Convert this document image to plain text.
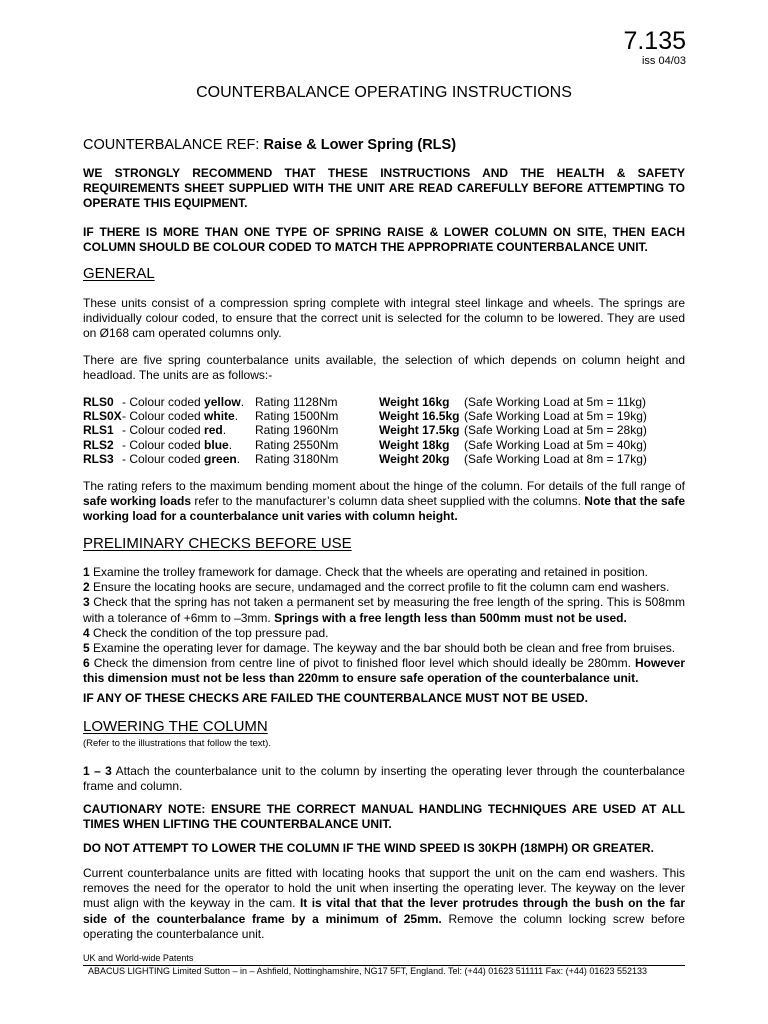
7.135
iss 04/03
COUNTERBALANCE OPERATING INSTRUCTIONS
COUNTERBALANCE REF: Raise & Lower Spring (RLS)
WE STRONGLY RECOMMEND THAT THESE INSTRUCTIONS AND THE HEALTH & SAFETY REQUIREMENTS SHEET SUPPLIED WITH THE UNIT ARE READ CAREFULLY BEFORE ATTEMPTING TO OPERATE THIS EQUIPMENT.
IF THERE IS MORE THAN ONE TYPE OF SPRING RAISE & LOWER COLUMN ON SITE, THEN EACH COLUMN SHOULD BE COLOUR CODED TO MATCH THE APPROPRIATE COUNTERBALANCE UNIT.
GENERAL
These units consist of a compression spring complete with integral steel linkage and wheels. The springs are individually colour coded, to ensure that the correct unit is selected for the column to be lowered. They are used on Ø168 cam operated columns only.
There are five spring counterbalance units available, the selection of which depends on column height and headload. The units are as follows:-
RLS0	- Colour coded yellow.	Rating 1128Nm	Weight 16kg	(Safe Working Load at 5m = 11kg)
RLS0X	- Colour coded white.	Rating 1500Nm	Weight 16.5kg	(Safe Working Load at 5m = 19kg)
RLS1	- Colour coded red.	Rating 1960Nm	Weight 17.5kg	(Safe Working Load at 5m = 28kg)
RLS2	- Colour coded blue.	Rating 2550Nm	Weight 18kg	(Safe Working Load at 5m = 40kg)
RLS3	- Colour coded green.	Rating 3180Nm	Weight 20kg	(Safe Working Load at 8m = 17kg)
The rating refers to the maximum bending moment about the hinge of the column. For details of the full range of safe working loads refer to the manufacturer’s column data sheet supplied with the columns. Note that the safe working load for a counterbalance unit varies with column height.
PRELIMINARY CHECKS BEFORE USE
1 Examine the trolley framework for damage. Check that the wheels are operating and retained in position.
2 Ensure the locating hooks are secure, undamaged and the correct profile to fit the column cam end washers.
3 Check that the spring has not taken a permanent set by measuring the free length of the spring. This is 508mm with a tolerance of +6mm to –3mm. Springs with a free length less than 500mm must not be used.
4 Check the condition of the top pressure pad.
5 Examine the operating lever for damage. The keyway and the bar should both be clean and free from bruises.
6 Check the dimension from centre line of pivot to finished floor level which should ideally be 280mm. However this dimension must not be less than 220mm to ensure safe operation of the counterbalance unit.
IF ANY OF THESE CHECKS ARE FAILED THE COUNTERBALANCE MUST NOT BE USED.
LOWERING THE COLUMN
(Refer to the illustrations that follow the text).
1 – 3 Attach the counterbalance unit to the column by inserting the operating lever through the counterbalance frame and column.
CAUTIONARY NOTE: ENSURE THE CORRECT MANUAL HANDLING TECHNIQUES ARE USED AT ALL TIMES WHEN LIFTING THE COUNTERBALANCE UNIT.
DO NOT ATTEMPT TO LOWER THE COLUMN IF THE WIND SPEED IS 30KPH (18MPH) OR GREATER.
Current counterbalance units are fitted with locating hooks that support the unit on the cam end washers. This removes the need for the operator to hold the unit when inserting the operating lever. The keyway on the lever must align with the keyway in the cam. It is vital that that the lever protrudes through the bush on the far side of the counterbalance frame by a minimum of 25mm. Remove the column locking screw before operating the counterbalance unit.
UK and World-wide Patents
ABACUS LIGHTING Limited Sutton – in – Ashfield, Nottinghamshire, NG17 5FT, England. Tel: (+44) 01623 511111 Fax: (+44) 01623 552133
